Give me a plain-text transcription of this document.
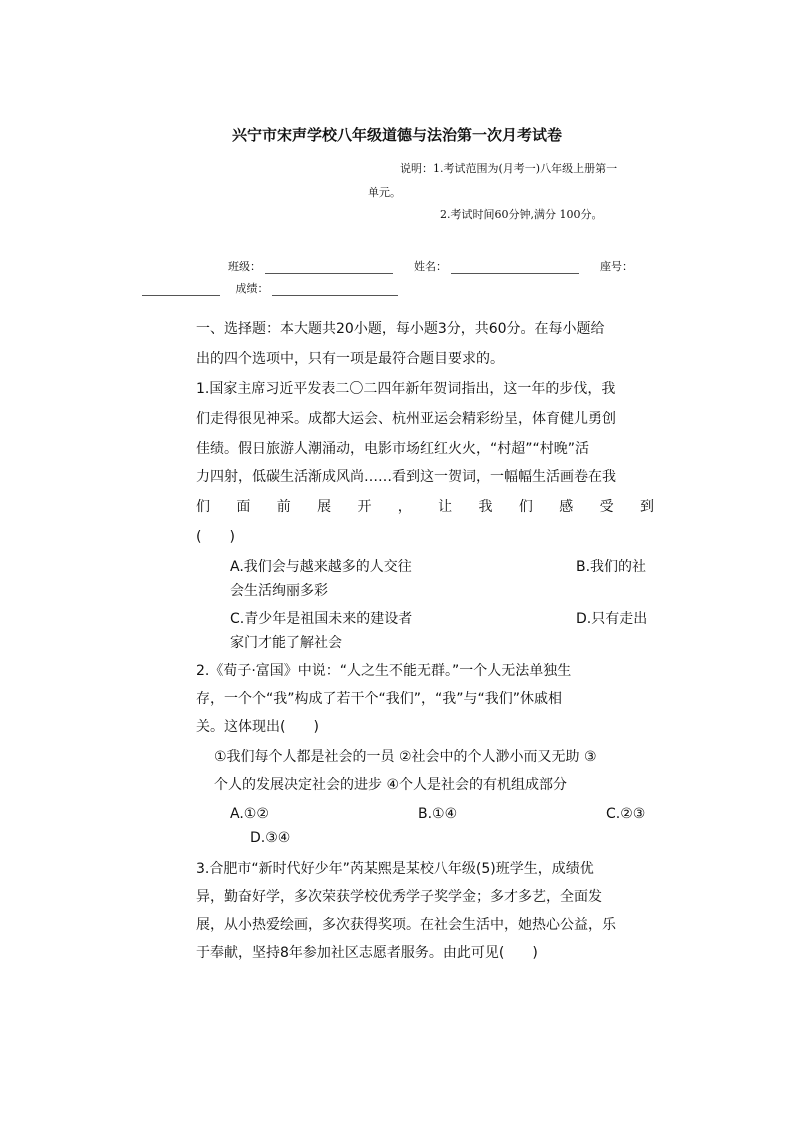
兴宁市宋声学校八年级道德与法治第一次月考试卷
说明：1.考试范围为(月考一)八年级上册第一
单元。
2.考试时间60分钟,满分 100分。
班级：	姓名：	座号：
成绩：
一、选择题：本大题共20小题，每小题3分，共60分。在每小题给
出的四个选项中，只有一项是最符合题目要求的。
1.国家主席习近平发表二〇二四年新年贺词指出，这一年的步伐，我
们走得很见神采。成都大运会、杭州亚运会精彩纷呈，体育健儿勇创
佳绩。假日旅游人潮涌动，电影市场红红火火，“村超”“村晚”活
力四射，低碳生活渐成风尚……看到这一贺词，一幅幅生活画卷在我
们 面 前 展 开 ， 让 我 们 感 受 到
(　　)
A.我们会与越来越多的人交往	B.我们的社
会生活绚丽多彩
C.青少年是祖国未来的建设者	D.只有走出
家门才能了解社会
2.《荀子·富国》中说：“人之生不能无群。”一个人无法单独生
存，一个个“我”构成了若干个“我们”，“我”与“我们”休戚相
关。这体现出(　　)
①我们每个人都是社会的一员 ②社会中的个人渺小而又无助 ③
个人的发展决定社会的进步 ④个人是社会的有机组成部分
A.①②	B.①④	C.②③
D.③④
3.合肥市“新时代好少年”芮某熙是某校八年级(5)班学生，成绩优
异，勤奋好学，多次荣获学校优秀学子奖学金；多才多艺，全面发
展，从小热爱绘画，多次获得奖项。在社会生活中，她热心公益，乐
于奉献，坚持8年参加社区志愿者服务。由此可见(　　)
